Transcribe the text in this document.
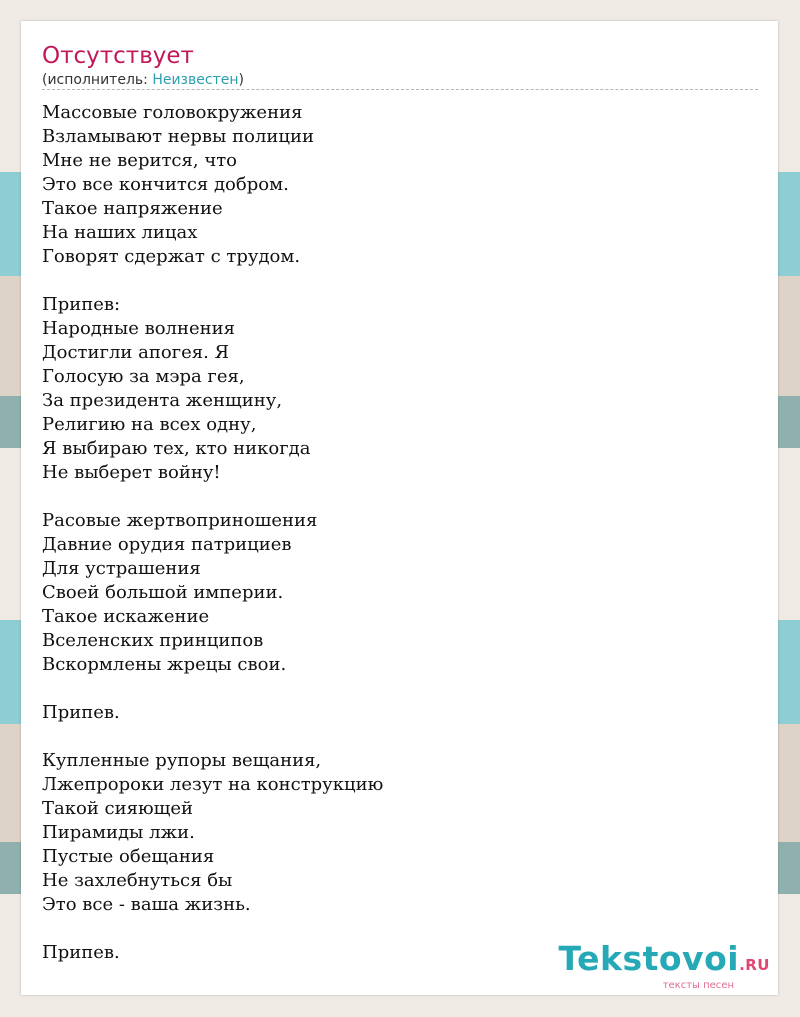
Отсутствует
(исполнитель: Неизвестен)
Массовые головокружения
Взламывают нервы полиции
Мне не верится, что
Это все кончится добром.
Такое напряжение
На наших лицах
Говорят сдержат с трудом.

Припев:
Народные волнения
Достигли апогея. Я
Голосую за мэра гея,
За президента женщину,
Религию на всех одну,
Я выбираю тех, кто никогда
Не выберет войну!

Расовые жертвоприношения
Давние орудия патрициев
Для устрашения
Своей большой империи.
Такое искажение
Вселенских принципов
Вскормлены жрецы свои.

Припев.

Купленные рупоры вещания,
Лжепророки лезут на конструкцию
Такой сияющей
Пирамиды лжи.
Пустые обещания
Не захлебнуться бы
Это все - ваша жизнь.

Припев.	Tekstovoi.RU
тексты песен
